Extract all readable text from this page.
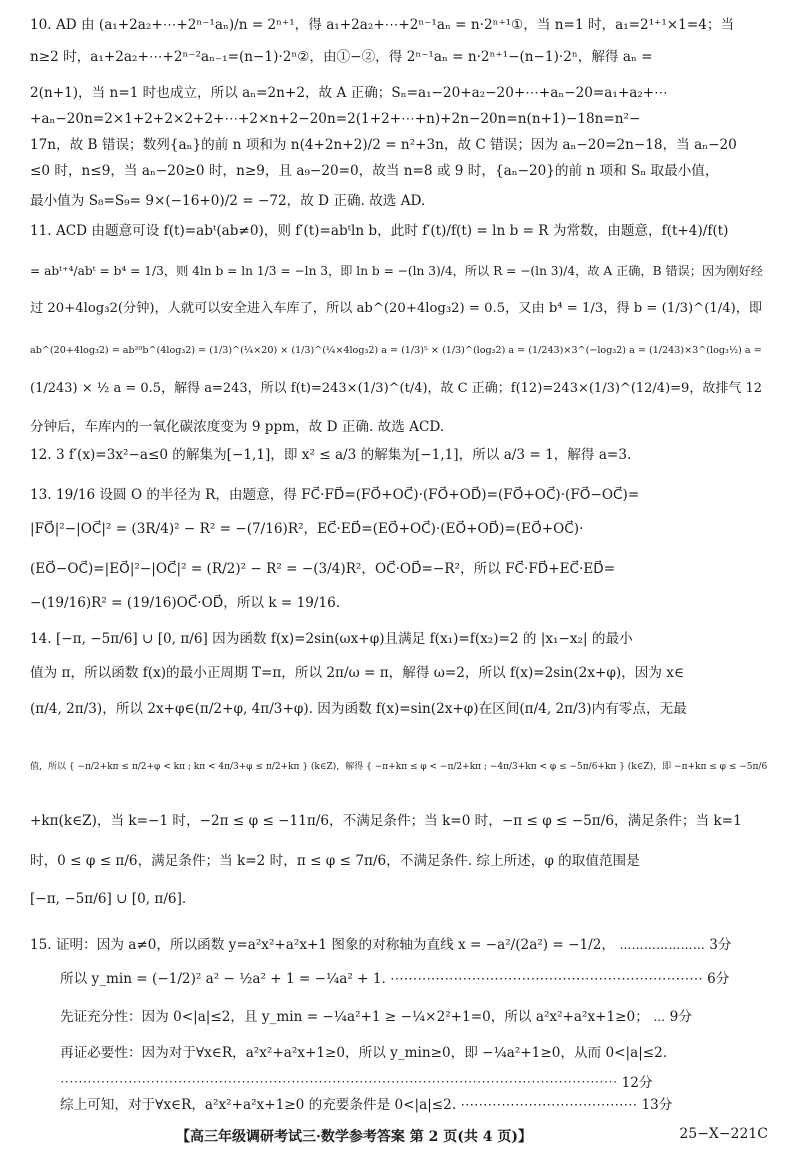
10. AD 由 (a₁+2a₂+⋯+2ⁿ⁻¹aₙ)/n = 2ⁿ⁺¹，得 a₁+2a₂+⋯+2ⁿ⁻¹aₙ = n·2ⁿ⁺¹①，当 n=1 时，a₁=2¹⁺¹×1=4；当
n≥2 时，a₁+2a₂+⋯+2ⁿ⁻²aₙ₋₁=(n−1)·2ⁿ②，由①−②，得 2ⁿ⁻¹aₙ = n·2ⁿ⁺¹−(n−1)·2ⁿ，解得 aₙ =
2(n+1)，当 n=1 时也成立，所以 aₙ=2n+2，故 A 正确；Sₙ=a₁−20+a₂−20+⋯+aₙ−20=a₁+a₂+⋯
+aₙ−20n=2×1+2+2×2+2+⋯+2×n+2−20n=2(1+2+⋯+n)+2n−20n=n(n+1)−18n=n²−
17n，故 B 错误；数列{aₙ}的前 n 项和为 n(4+2n+2)/2 = n²+3n，故 C 错误；因为 aₙ−20=2n−18，当 aₙ−20
≤0 时，n≤9，当 aₙ−20≥0 时，n≥9，且 a₉−20=0，故当 n=8 或 9 时，{aₙ−20}的前 n 项和 Sₙ 取最小值，
最小值为 S₈=S₉= 9×(−16+0)/2 = −72，故 D 正确. 故选 AD.
11. ACD 由题意可设 f(t)=abᵗ(ab≠0)，则 f′(t)=abᵗln b，此时 f′(t)/f(t) = ln b = R 为常数，由题意，f(t+4)/f(t)
= abᵗ⁺⁴/abᵗ = b⁴ = 1/3，则 4ln b = ln 1/3 = −ln 3，即 ln b = −(ln 3)/4，所以 R = −(ln 3)/4，故 A 正确，B 错误；因为刚好经
过 20+4log₃2(分钟)，人就可以安全进入车库了，所以 ab^(20+4log₃2) = 0.5，又由 b⁴ = 1/3，得 b = (1/3)^(1/4)，即
ab^(20+4log₃2) = ab²⁰b^(4log₃2) = (1/3)^(¼×20) × (1/3)^(¼×4log₃2) a = (1/3)⁵ × (1/3)^(log₃2) a = (1/243)×3^(−log₃2) a = (1/243)×3^(log₃½) a =
(1/243) × ½ a = 0.5，解得 a=243，所以 f(t)=243×(1/3)^(t/4)，故 C 正确；f(12)=243×(1/3)^(12/4)=9，故排气 12
分钟后，车库内的一氧化碳浓度变为 9 ppm，故 D 正确. 故选 ACD.
12. 3 f′(x)=3x²−a≤0 的解集为[−1,1]，即 x² ≤ a/3 的解集为[−1,1]，所以 a/3 = 1，解得 a=3.
13. 19/16 设圆 O 的半径为 R，由题意，得 FC⃗·FD⃗=(FO⃗+OC⃗)·(FO⃗+OD⃗)=(FO⃗+OC⃗)·(FO⃗−OC⃗)=
|FO⃗|²−|OC⃗|² = (3R/4)² − R² = −(7/16)R²，EC⃗·ED⃗=(EO⃗+OC⃗)·(EO⃗+OD⃗)=(EO⃗+OC⃗)·
(EO⃗−OC⃗)=|EO⃗|²−|OC⃗|² = (R/2)² − R² = −(3/4)R²，OC⃗·OD⃗=−R²，所以 FC⃗·FD⃗+EC⃗·ED⃗=
−(19/16)R² = (19/16)OC⃗·OD⃗，所以 k = 19/16.
14. [−π, −5π/6] ∪ [0, π/6] 因为函数 f(x)=2sin(ωx+φ)且满足 f(x₁)=f(x₂)=2 的 |x₁−x₂| 的最小
值为 π，所以函数 f(x)的最小正周期 T=π，所以 2π/ω = π，解得 ω=2，所以 f(x)=2sin(2x+φ)，因为 x∈
(π/4, 2π/3)，所以 2x+φ∈(π/2+φ, 4π/3+φ). 因为函数 f(x)=sin(2x+φ)在区间(π/4, 2π/3)内有零点，无最
值，所以 { −π/2+kπ ≤ π/2+φ < kπ ; kπ < 4π/3+φ ≤ π/2+kπ } (k∈Z)，解得 { −π+kπ ≤ φ < −π/2+kπ ; −4π/3+kπ < φ ≤ −5π/6+kπ } (k∈Z)，即 −π+kπ ≤ φ ≤ −5π/6
+kπ(k∈Z)，当 k=−1 时，−2π ≤ φ ≤ −11π/6，不满足条件；当 k=0 时，−π ≤ φ ≤ −5π/6，满足条件；当 k=1
时，0 ≤ φ ≤ π/6，满足条件；当 k=2 时，π ≤ φ ≤ 7π/6，不满足条件. 综上所述，φ 的取值范围是
[−π, −5π/6] ∪ [0, π/6].
15. 证明：因为 a≠0，所以函数 y=a²x²+a²x+1 图象的对称轴为直线 x = −a²/(2a²) = −1/2， ⋯⋯⋯⋯⋯⋯⋯ 3分
所以 y_min = (−1/2)² a² − ½a² + 1 = −¼a² + 1. ⋯⋯⋯⋯⋯⋯⋯⋯⋯⋯⋯⋯⋯⋯⋯⋯⋯⋯⋯⋯⋯⋯⋯ 6分
先证充分性：因为 0<|a|≤2，且 y_min = −¼a²+1 ≥ −¼×2²+1=0，所以 a²x²+a²x+1≥0； ⋯ 9分
再证必要性：因为对于∀x∈R，a²x²+a²x+1≥0，所以 y_min≥0，即 −¼a²+1≥0，从而 0<|a|≤2.
⋯⋯⋯⋯⋯⋯⋯⋯⋯⋯⋯⋯⋯⋯⋯⋯⋯⋯⋯⋯⋯⋯⋯⋯⋯⋯⋯⋯⋯⋯⋯⋯⋯⋯⋯⋯⋯⋯⋯⋯⋯ 12分
综上可知，对于∀x∈R，a²x²+a²x+1≥0 的充要条件是 0<|a|≤2. ⋯⋯⋯⋯⋯⋯⋯⋯⋯⋯⋯⋯⋯ 13分
【高三年级调研考试三·数学参考答案 第 2 页(共 4 页)】	25−X−221C
